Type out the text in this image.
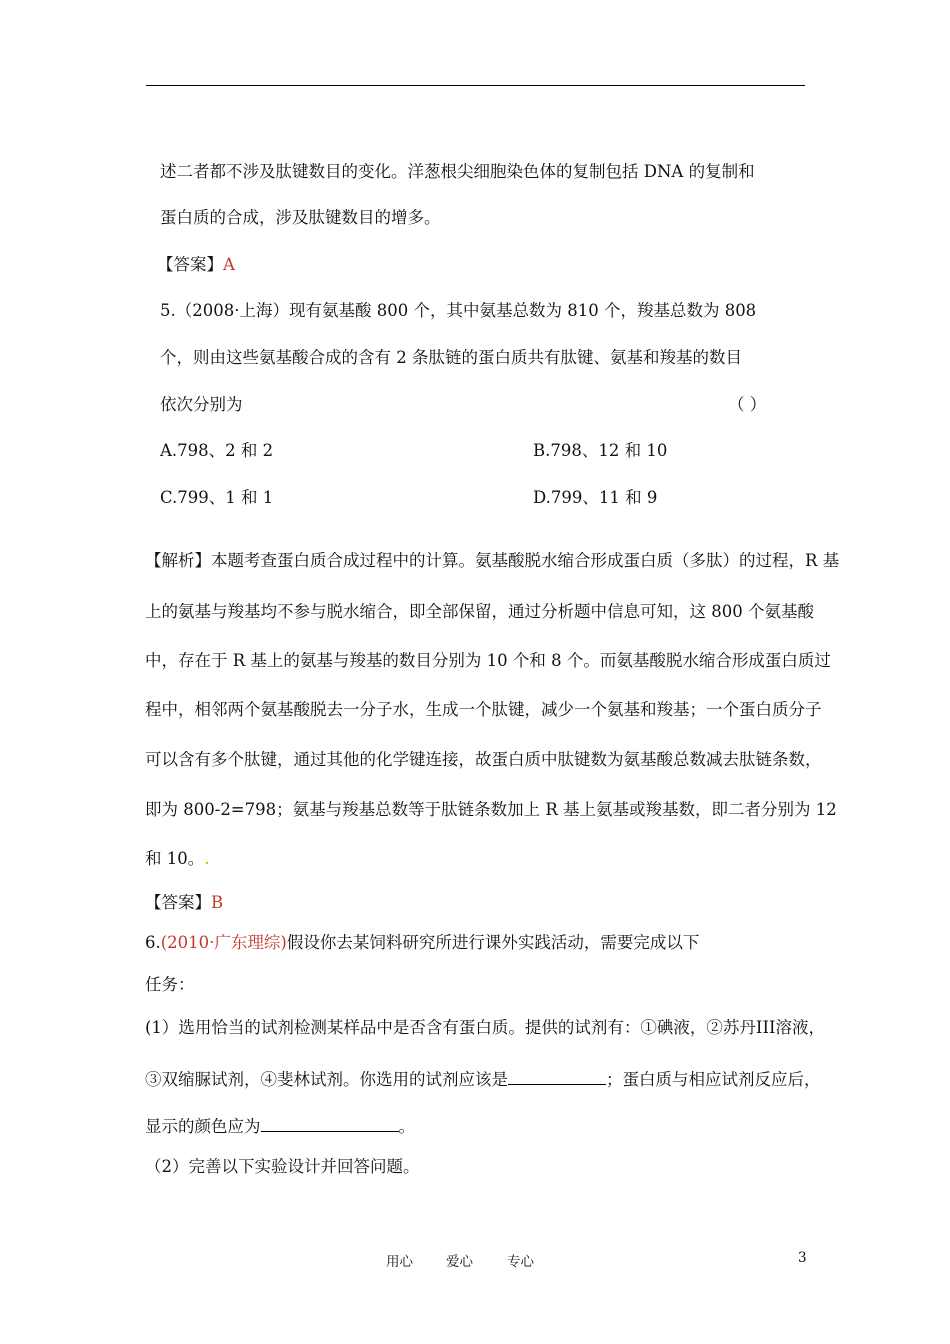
述二者都不涉及肽键数目的变化。洋葱根尖细胞染色体的复制包括 DNA 的复制和
蛋白质的合成，涉及肽键数目的增多。
【答案】A
5.（2008·上海）现有氨基酸 800 个，其中氨基总数为 810 个，羧基总数为 808
个，则由这些氨基酸合成的含有 2 条肽链的蛋白质共有肽键、氨基和羧基的数目
依次分别为	（ ）
A.798、2 和 2	B.798、12 和 10
C.799、1 和 1	D.799、11 和 9
【解析】本题考查蛋白质合成过程中的计算。氨基酸脱水缩合形成蛋白质（多肽）的过程，R 基
上的氨基与羧基均不参与脱水缩合，即全部保留，通过分析题中信息可知，这 800 个氨基酸
中，存在于 R 基上的氨基与羧基的数目分别为 10 个和 8 个。而氨基酸脱水缩合形成蛋白质过
程中，相邻两个氨基酸脱去一分子水，生成一个肽键，减少一个氨基和羧基；一个蛋白质分子
可以含有多个肽键，通过其他的化学键连接，故蛋白质中肽键数为氨基酸总数减去肽链条数，
即为 800-2=798；氨基与羧基总数等于肽链条数加上 R 基上氨基或羧基数，即二者分别为 12
和 10。.
【答案】B
6.(2010·广东理综)假设你去某饲料研究所进行课外实践活动，需要完成以下
任务：
(1）选用恰当的试剂检测某样品中是否含有蛋白质。提供的试剂有：①碘液，②苏丹III溶液，
③双缩脲试剂，④斐林试剂。你选用的试剂应该是	；蛋白质与相应试剂反应后，
显示的颜色应为	。
（2）完善以下实验设计并回答问题。
用心 爱心	专心	3
